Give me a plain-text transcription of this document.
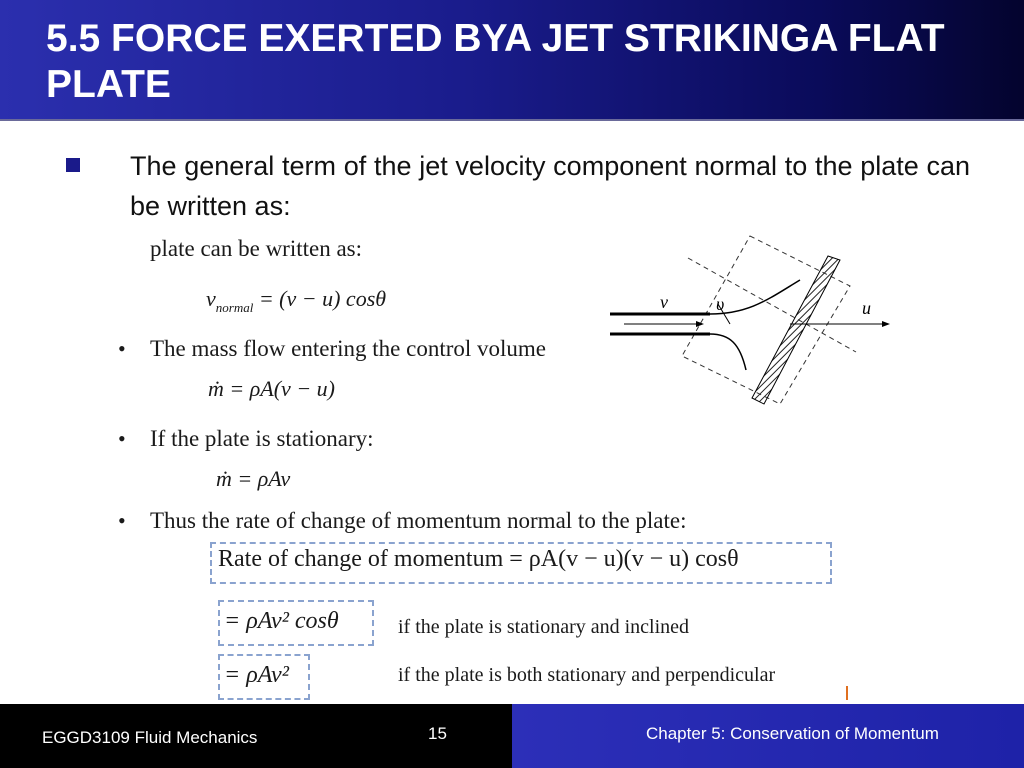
5.5 FORCE EXERTED BYA JET STRIKINGA FLAT PLATE
The general term of the jet velocity component normal to the plate can be written as:
plate can be written as:
$v_{normal} = (v - u)$ cosθ
• The mass flow entering the control volume
ṁ = ρA(v − u)
• If the plate is stationary:
ṁ = ρAv
• Thus the rate of change of momentum normal to the plate:
Rate of change of momentum = ρA(v − u)(v − u) cosθ
= ρAv² cosθ	if the plate is stationary and inclined
= ρAv²	if the plate is both stationary and perpendicular
v	υ	u
EGGD3109 Fluid Mechanics	15	Chapter 5: Conservation of Momentum
